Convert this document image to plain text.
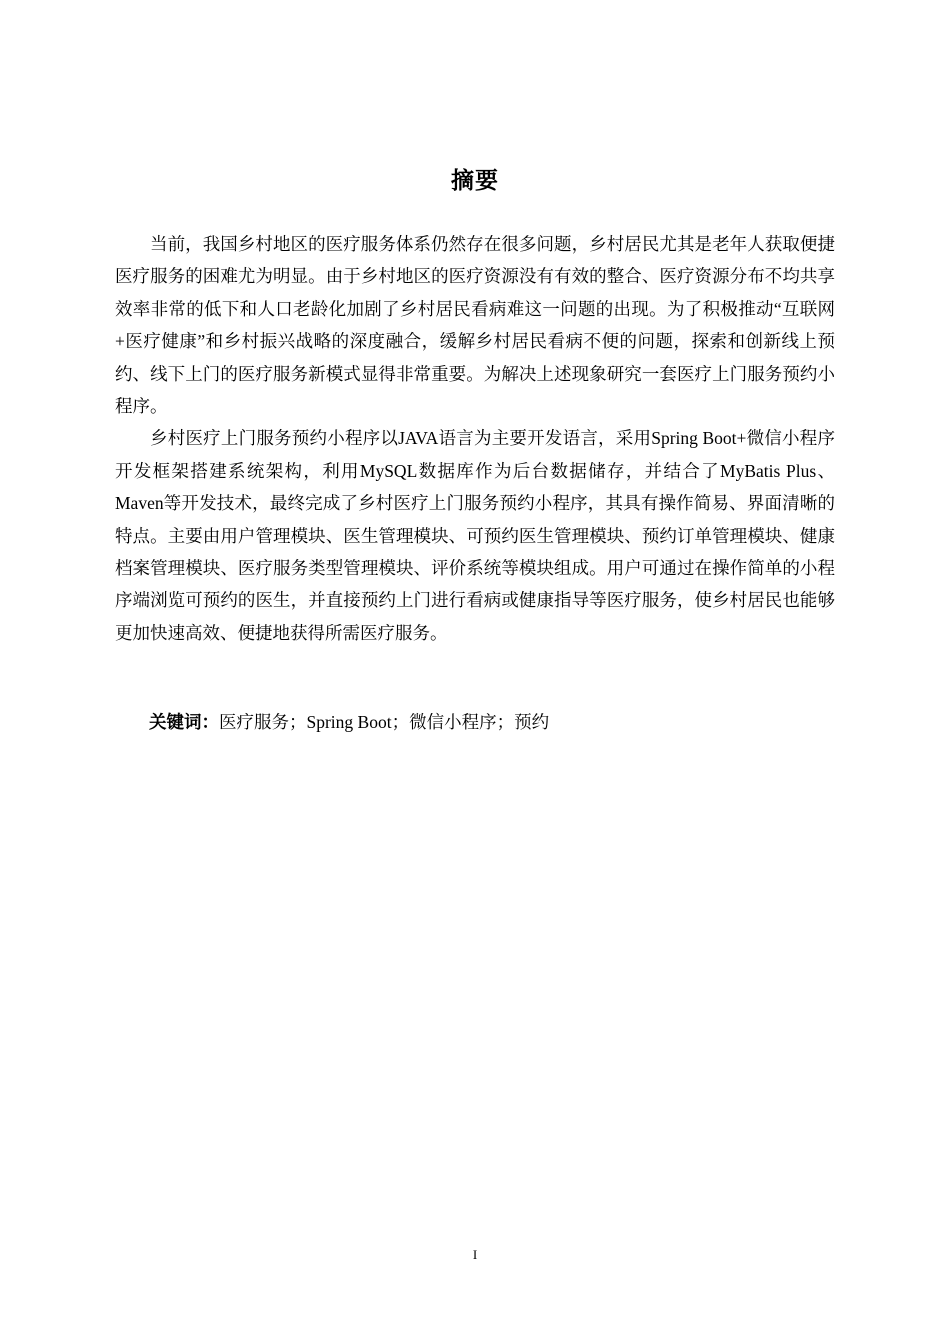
摘要

当前，我国乡村地区的医疗服务体系仍然存在很多问题，乡村居民尤其是老年人获取便捷医疗服务的困难尤为明显。由于乡村地区的医疗资源没有有效的整合、医疗资源分布不均共享效率非常的低下和人口老龄化加剧了乡村居民看病难这一问题的出现。为了积极推动“互联网+医疗健康”和乡村振兴战略的深度融合，缓解乡村居民看病不便的问题，探索和创新线上预约、线下上门的医疗服务新模式显得非常重要。为解决上述现象研究一套医疗上门服务预约小程序。

乡村医疗上门服务预约小程序以JAVA语言为主要开发语言，采用Spring Boot+微信小程序开发框架搭建系统架构，利用MySQL数据库作为后台数据储存，并结合了MyBatis Plus、Maven等开发技术，最终完成了乡村医疗上门服务预约小程序，其具有操作简易、界面清晰的特点。主要由用户管理模块、医生管理模块、可预约医生管理模块、预约订单管理模块、健康档案管理模块、医疗服务类型管理模块、评价系统等模块组成。用户可通过在操作简单的小程序端浏览可预约的医生，并直接预约上门进行看病或健康指导等医疗服务，使乡村居民也能够更加快速高效、便捷地获得所需医疗服务。

关键词：医疗服务；Spring Boot；微信小程序；预约
I
